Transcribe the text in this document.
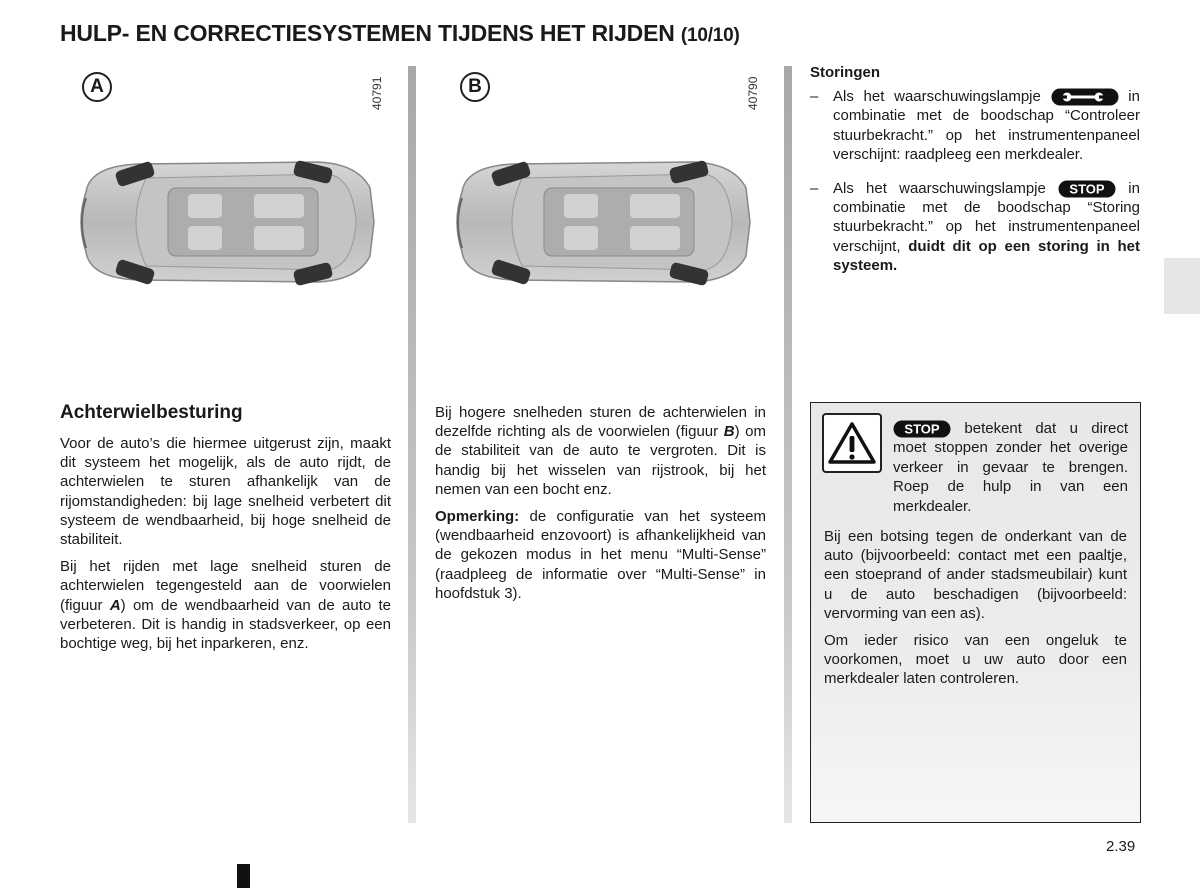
HULP- EN CORRECTIESYSTEMEN TIJDENS HET RIJDEN (10/10)
A	40791	B	40790
Achterwielbesturing

Voor de auto’s die hiermee uitgerust zijn, maakt dit systeem het mogelijk, als de auto rijdt, de achterwielen te sturen afhankelijk van de rijomstandigheden: bij lage snelheid verbetert dit systeem de wendbaarheid, bij hoge snelheid de stabiliteit.

Bij het rijden met lage snelheid sturen de achterwielen tegengesteld aan de voorwielen (figuur A) om de wendbaarheid van de auto te verbeteren. Dit is handig in stadsverkeer, op een bochtige weg, bij het inparkeren, enz.

Bij hogere snelheden sturen de achterwielen in dezelfde richting als de voorwielen (figuur B) om de stabiliteit van de auto te vergroten. Dit is handig bij het wisselen van rijstrook, bij het nemen van een bocht enz.

Opmerking: de configuratie van het systeem (wendbaarheid enzovoort) is afhankelijkheid van de gekozen modus in het menu “Multi-Sense” (raadpleeg de informatie over “Multi-Sense” in hoofdstuk 3).

Storingen
– Als het waarschuwingslampje	in combinatie met de boodschap “Controleer stuurbekracht.” op het instrumentenpaneel verschijnt: raadpleeg een merkdealer.
– Als het waarschuwingslampje STOP in combinatie met de boodschap “Storing stuurbekracht.” op het instrumentenpaneel verschijnt, duidt dit op een storing in het systeem.
STOP betekent dat u direct moet stoppen zonder het overige verkeer in gevaar te brengen. Roep de hulp in van een merkdealer.

Bij een botsing tegen de onderkant van de auto (bijvoorbeeld: contact met een paaltje, een stoeprand of ander stadsmeubilair) kunt u de auto beschadigen (bijvoorbeeld: vervorming van een as).

Om ieder risico van een ongeluk te voorkomen, moet u uw auto door een merkdealer laten controleren.

2.39
